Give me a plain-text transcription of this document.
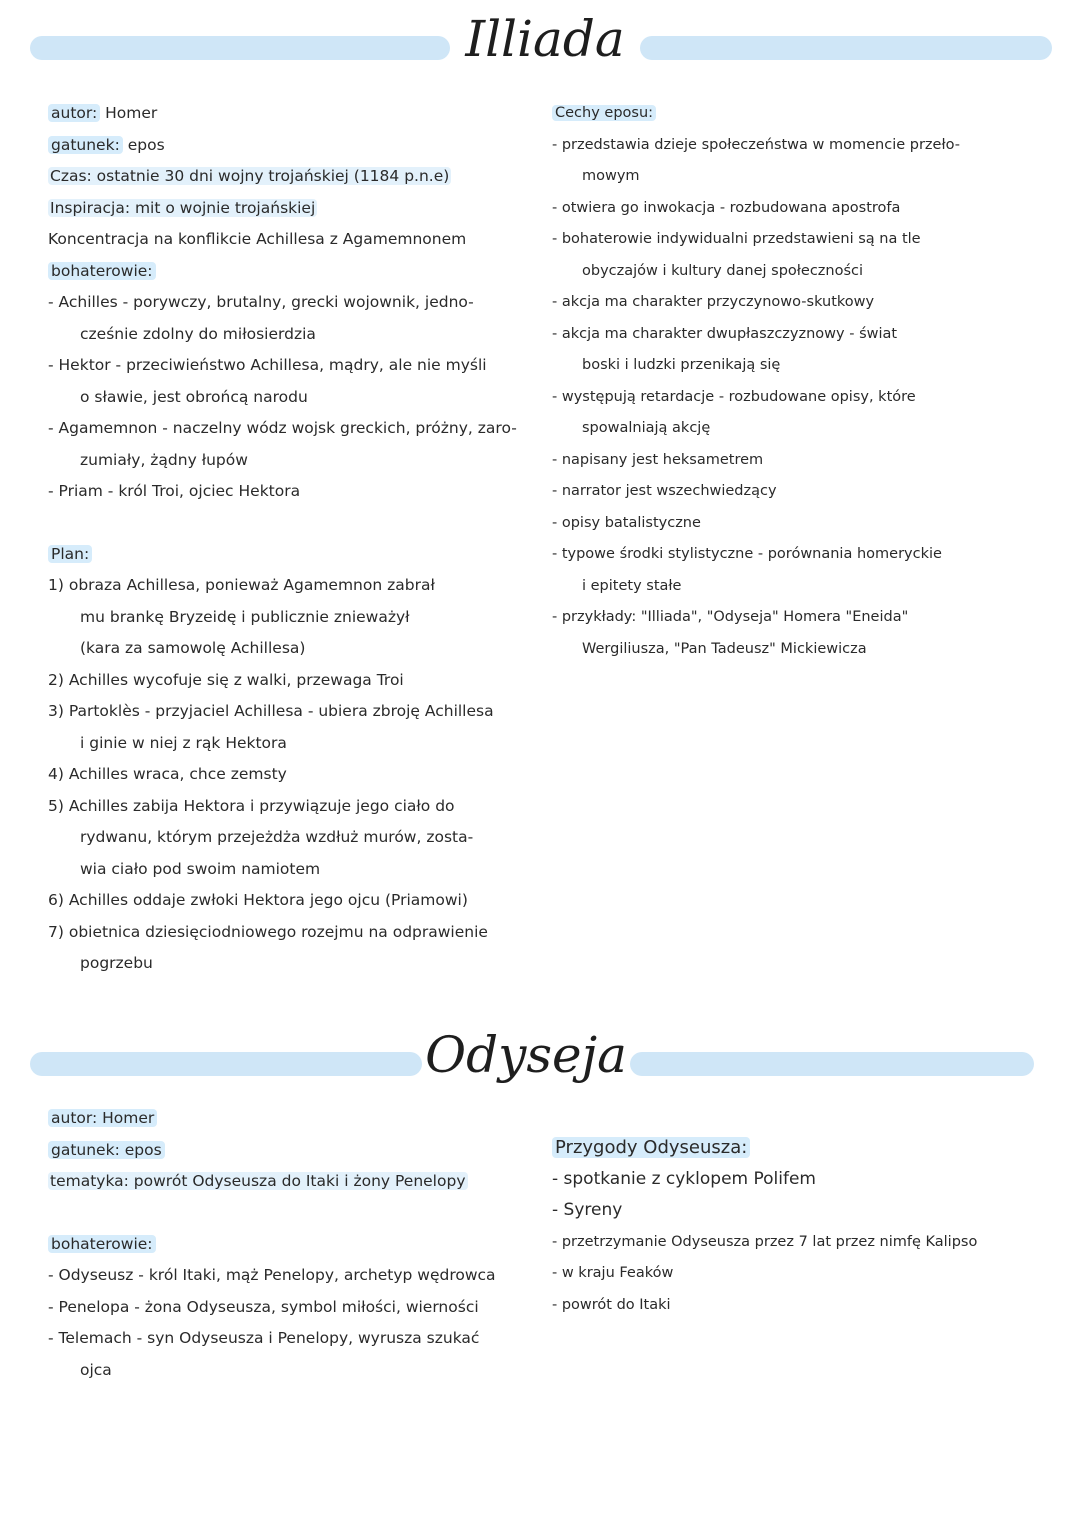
Illiada
autor: Homer
gatunek: epos
Czas: ostatnie 30 dni wojny trojańskiej (1184 p.n.e)
Inspiracja: mit o wojnie trojańskiej
Koncentracja na konflikcie Achillesa z Agamemnonem
bohaterowie:
- Achilles - porywczy, brutalny, grecki wojownik, jedno-
cześnie zdolny do miłosierdzia
- Hektor - przeciwieństwo Achillesa, mądry, ale nie myśli
o sławie, jest obrońcą narodu
- Agamemnon - naczelny wódz wojsk greckich, próżny, zaro-
zumiały, żądny łupów
- Priam - król Troi, ojciec Hektora
Plan:
1) obraza Achillesa, ponieważ Agamemnon zabrał
mu brankę Bryzeidę i publicznie znieważył
(kara za samowolę Achillesa)
2) Achilles wycofuje się z walki, przewaga Troi
3) Partoklès - przyjaciel Achillesa - ubiera zbroję Achillesa
i ginie w niej z rąk Hektora
4) Achilles wraca, chce zemsty
5) Achilles zabija Hektora i przywiązuje jego ciało do
rydwanu, którym przejeżdża wzdłuż murów, zosta-
wia ciało pod swoim namiotem
6) Achilles oddaje zwłoki Hektora jego ojcu (Priamowi)
7) obietnica dziesięciodniowego rozejmu na odprawienie
pogrzebu
Cechy eposu:
- przedstawia dzieje społeczeństwa w momencie przeło-
mowym
- otwiera go inwokacja - rozbudowana apostrofa
- bohaterowie indywidualni przedstawieni są na tle
obyczajów i kultury danej społeczności
- akcja ma charakter przyczynowo-skutkowy
- akcja ma charakter dwupłaszczyznowy - świat
boski i ludzki przenikają się
- występują retardacje - rozbudowane opisy, które
spowalniają akcję
- napisany jest heksametrem
- narrator jest wszechwiedzący
- opisy batalistyczne
- typowe środki stylistyczne - porównania homeryckie
i epitety stałe
- przykłady: "Illiada", "Odyseja" Homera "Eneida"
Wergiliusza, "Pan Tadeusz" Mickiewicza
Odyseja
autor: Homer
gatunek: epos
tematyka: powrót Odyseusza do Itaki i żony Penelopy
bohaterowie:
- Odyseusz - król Itaki, mąż Penelopy, archetyp wędrowca
- Penelopa - żona Odyseusza, symbol miłości, wierności
- Telemach - syn Odyseusza i Penelopy, wyrusza szukać
ojca
Przygody Odyseusza:
- spotkanie z cyklopem Polifem
- Syreny
- przetrzymanie Odyseusza przez 7 lat przez nimfę Kalipso
- w kraju Feaków
- powrót do Itaki
